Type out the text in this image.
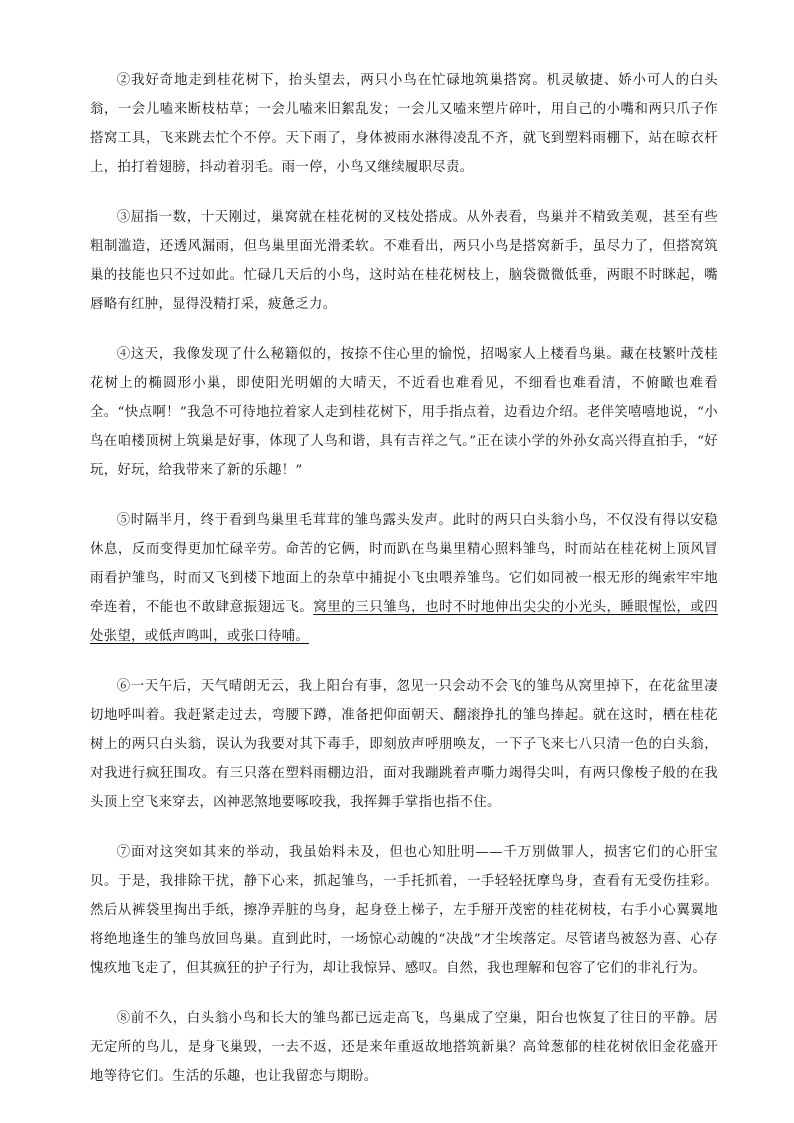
②我好奇地走到桂花树下，抬头望去，两只小鸟在忙碌地筑巢搭窝。机灵敏捷、娇小可人的白头翁，一会儿嗑来断枝枯草；一会儿嗑来旧絮乱发；一会儿又嗑来塑片碎叶，用自己的小嘴和两只爪子作搭窝工具，飞来跳去忙个不停。天下雨了，身体被雨水淋得凌乱不齐，就飞到塑料雨棚下，站在晾衣杆上，拍打着翅膀，抖动着羽毛。雨一停，小鸟又继续履职尽责。

③屈指一数，十天刚过，巢窝就在桂花树的叉枝处搭成。从外表看，鸟巢并不精致美观，甚至有些粗制滥造，还透风漏雨，但鸟巢里面光滑柔软。不难看出，两只小鸟是搭窝新手，虽尽力了，但搭窝筑巢的技能也只不过如此。忙碌几天后的小鸟，这时站在桂花树枝上，脑袋微微低垂，两眼不时眯起，嘴唇略有红肿，显得没精打采，疲惫乏力。

④这天，我像发现了什么秘籍似的，按捺不住心里的愉悦，招喝家人上楼看鸟巢。藏在枝繁叶茂桂花树上的椭圆形小巢，即使阳光明媚的大晴天，不近看也难看见，不细看也难看清，不俯瞰也难看全。“快点啊！”我急不可待地拉着家人走到桂花树下，用手指点着，边看边介绍。老伴笑嘻嘻地说，“小鸟在咱楼顶树上筑巢是好事，体现了人鸟和谐，具有吉祥之气。”正在读小学的外孙女高兴得直拍手，“好玩，好玩，给我带来了新的乐趣！”

⑤时隔半月，终于看到鸟巢里毛茸茸的雏鸟露头发声。此时的两只白头翁小鸟，不仅没有得以安稳休息，反而变得更加忙碌辛劳。命苦的它俩，时而趴在鸟巢里精心照料雏鸟，时而站在桂花树上顶风冒雨看护雏鸟，时而又飞到楼下地面上的杂草中捕捉小飞虫喂养雏鸟。它们如同被一根无形的绳索牢牢地牵连着，不能也不敢肆意振翅远飞。窝里的三只雏鸟，也时不时地伸出尖尖的小光头，睡眼惺忪，或四处张望，或低声鸣叫，或张口待哺。

⑥一天午后，天气晴朗无云，我上阳台有事，忽见一只会动不会飞的雏鸟从窝里掉下，在花盆里凄切地呼叫着。我赶紧走过去，弯腰下蹲，准备把仰面朝天、翻滚挣扎的雏鸟捧起。就在这时，栖在桂花树上的两只白头翁，误认为我要对其下毒手，即刻放声呼朋唤友，一下子飞来七八只清一色的白头翁，对我进行疯狂围攻。有三只落在塑料雨棚边沿，面对我蹦跳着声嘶力竭得尖叫，有两只像梭子般的在我头顶上空飞来穿去，凶神恶煞地要啄咬我，我挥舞手掌指也指不住。

⑦面对这突如其来的举动，我虽始料未及，但也心知肚明——千万别做罪人，损害它们的心肝宝贝。于是，我排除干扰，静下心来，抓起雏鸟，一手托抓着，一手轻轻抚摩鸟身，查看有无受伤挂彩。然后从裤袋里掏出手纸，擦净弄脏的鸟身，起身登上梯子，左手掰开茂密的桂花树枝，右手小心翼翼地将绝地逢生的雏鸟放回鸟巢。直到此时，一场惊心动魄的“决战”才尘埃落定。尽管诸鸟被怒为喜、心存愧疚地飞走了，但其疯狂的护子行为，却让我惊异、感叹。自然，我也理解和包容了它们的非礼行为。

⑧前不久，白头翁小鸟和长大的雏鸟都已远走高飞，鸟巢成了空巢，阳台也恢复了往日的平静。居无定所的鸟儿，是身飞巢毁，一去不返，还是来年重返故地搭筑新巢？高耸葱郁的桂花树依旧金花盛开地等待它们。生活的乐趣，也让我留恋与期盼。
